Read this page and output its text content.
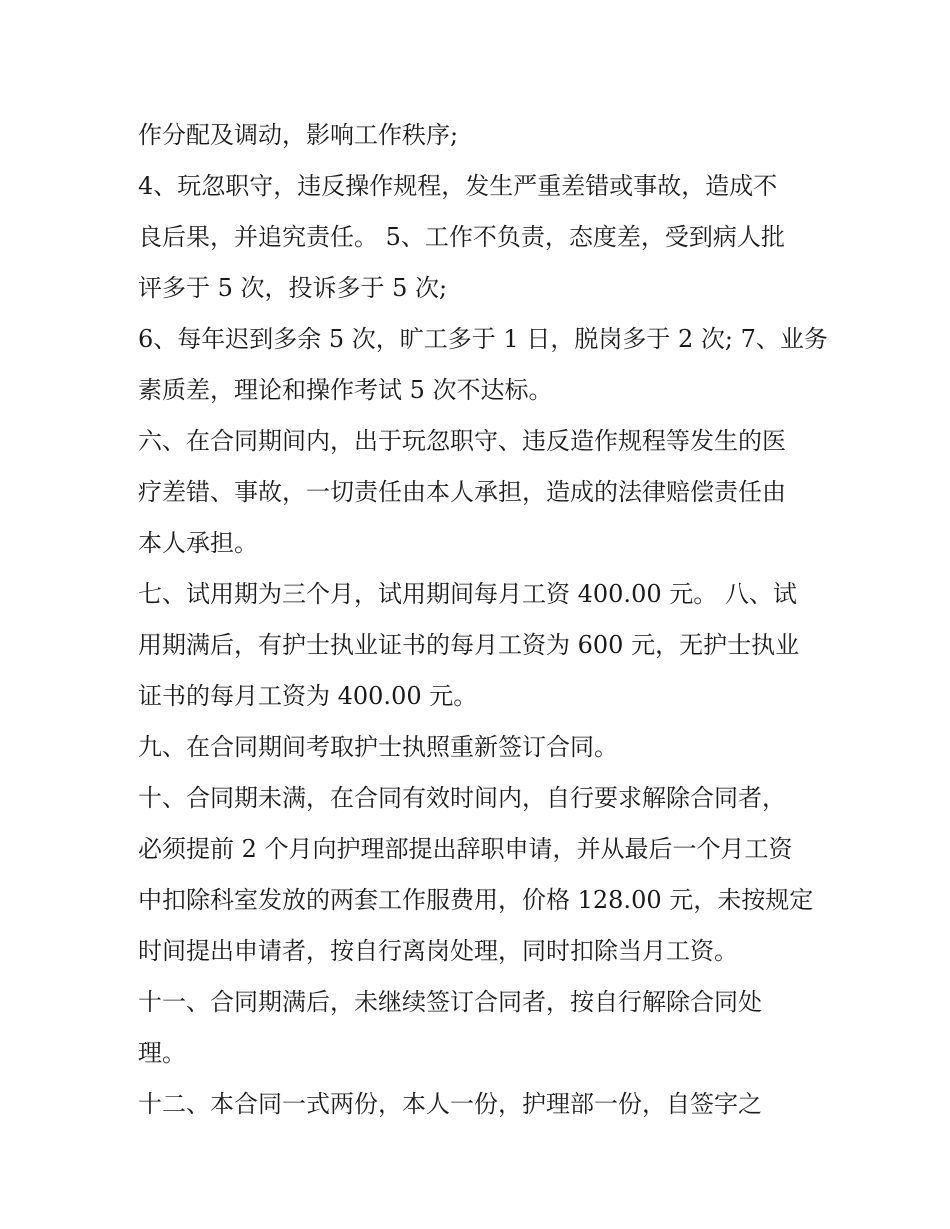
作分配及调动，影响工作秩序;
4、玩忽职守，违反操作规程，发生严重差错或事故，造成不
良后果，并追究责任。 5、工作不负责，态度差，受到病人批
评多于 5 次，投诉多于 5 次;
6、每年迟到多余 5 次，旷工多于 1 日，脱岗多于 2 次; 7、业务
素质差，理论和操作考试 5 次不达标。
六、在合同期间内，出于玩忽职守、违反造作规程等发生的医
疗差错、事故，一切责任由本人承担，造成的法律赔偿责任由
本人承担。
七、试用期为三个月，试用期间每月工资 400.00 元。 八、试
用期满后，有护士执业证书的每月工资为 600 元，无护士执业
证书的每月工资为 400.00 元。
九、在合同期间考取护士执照重新签订合同。
十、合同期未满，在合同有效时间内，自行要求解除合同者，
必须提前 2 个月向护理部提出辞职申请，并从最后一个月工资
中扣除科室发放的两套工作服费用，价格 128.00 元，未按规定
时间提出申请者，按自行离岗处理，同时扣除当月工资。
十一、合同期满后，未继续签订合同者，按自行解除合同处
理。
十二、本合同一式两份，本人一份，护理部一份，自签字之
